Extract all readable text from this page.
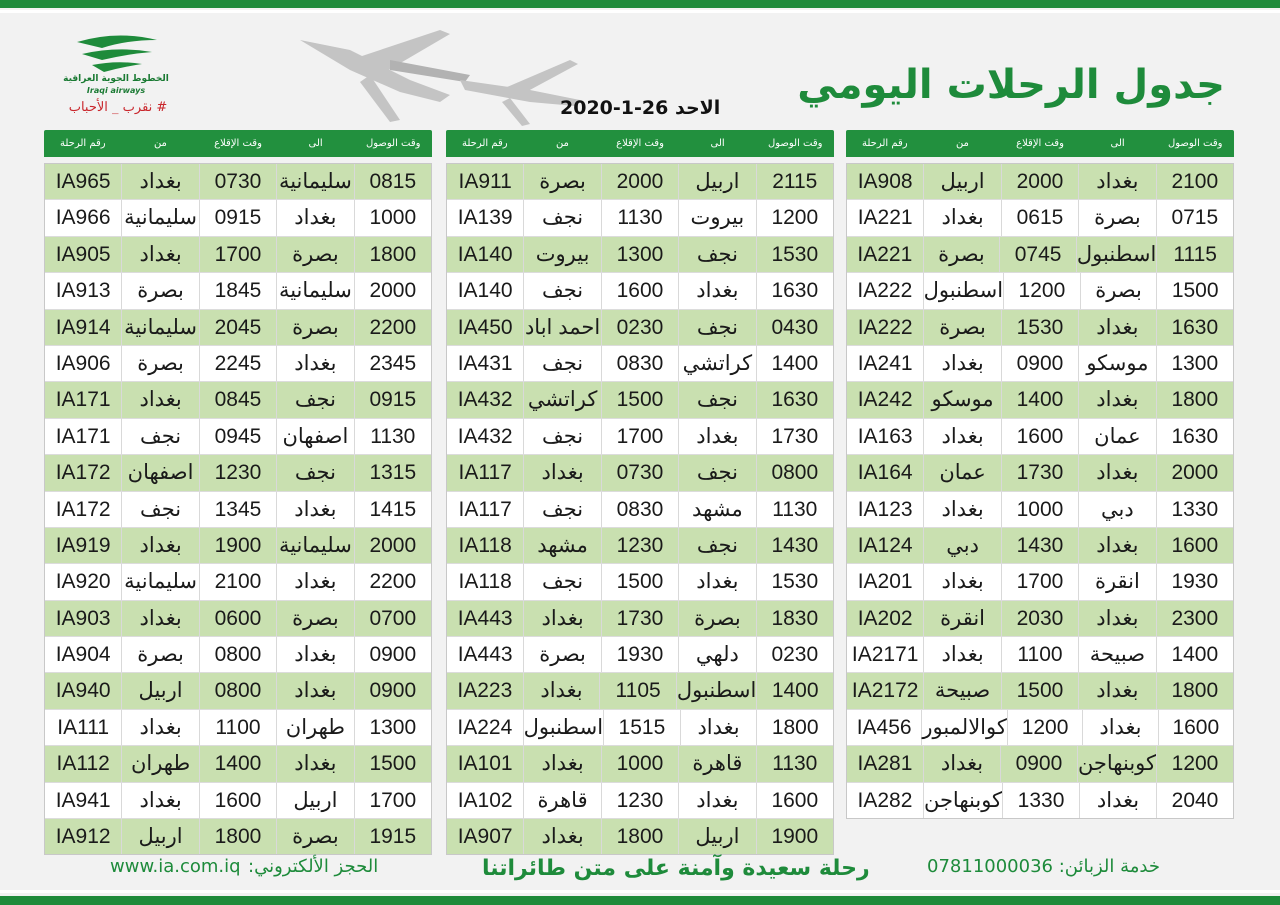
الخطوط الجوية العراقية
Iraqi airways
# نقرب _ الأحباب	جدول الرحلات اليومي
الاحد 26-1-2020
وقت الوصول
الى
وقت الإقلاع
من
رقم الرحلة
2100
بغداد
2000
اربيل
IA908
0715
بصرة
0615
بغداد
IA221
1115
اسطنبول
0745
بصرة
IA221
1500
بصرة
1200
اسطنبول
IA222
1630
بغداد
1530
بصرة
IA222
1300
موسكو
0900
بغداد
IA241
1800
بغداد
1400
موسكو
IA242
1630
عمان
1600
بغداد
IA163
2000
بغداد
1730
عمان
IA164
1330
دبي
1000
بغداد
IA123
1600
بغداد
1430
دبي
IA124
1930
انقرة
1700
بغداد
IA201
2300
بغداد
2030
انقرة
IA202
1400
صبيحة
1100
بغداد
IA2171
1800
بغداد
1500
صبيحة
IA2172
1600
بغداد
1200
كوالالمبور
IA456
1200
كوبنهاجن
0900
بغداد
IA281
2040
بغداد
1330
كوبنهاجن
IA282
وقت الوصول
الى
وقت الإقلاع
من
رقم الرحلة
2115
اربيل
2000
بصرة
IA911
1200
بيروت
1130
نجف
IA139
1530
نجف
1300
بيروت
IA140
1630
بغداد
1600
نجف
IA140
0430
نجف
0230
احمد اباد
IA450
1400
كراتشي
0830
نجف
IA431
1630
نجف
1500
كراتشي
IA432
1730
بغداد
1700
نجف
IA432
0800
نجف
0730
بغداد
IA117
1130
مشهد
0830
نجف
IA117
1430
نجف
1230
مشهد
IA118
1530
بغداد
1500
نجف
IA118
1830
بصرة
1730
بغداد
IA443
0230
دلهي
1930
بصرة
IA443
1400
اسطنبول
1105
بغداد
IA223
1800
بغداد
1515
اسطنبول
IA224
1130
قاهرة
1000
بغداد
IA101
1600
بغداد
1230
قاهرة
IA102
1900
اربيل
1800
بغداد
IA907
وقت الوصول
الى
وقت الإقلاع
من
رقم الرحلة
0815
سليمانية
0730
بغداد
IA965
1000
بغداد
0915
سليمانية
IA966
1800
بصرة
1700
بغداد
IA905
2000
سليمانية
1845
بصرة
IA913
2200
بصرة
2045
سليمانية
IA914
2345
بغداد
2245
بصرة
IA906
0915
نجف
0845
بغداد
IA171
1130
اصفهان
0945
نجف
IA171
1315
نجف
1230
اصفهان
IA172
1415
بغداد
1345
نجف
IA172
2000
سليمانية
1900
بغداد
IA919
2200
بغداد
2100
سليمانية
IA920
0700
بصرة
0600
بغداد
IA903
0900
بغداد
0800
بصرة
IA904
0900
بغداد
0800
اربيل
IA940
1300
طهران
1100
بغداد
IA111
1500
بغداد
1400
طهران
IA112
1700
اربيل
1600
بغداد
IA941
1915
بصرة
1800
اربيل
IA912
خدمة الزبائن: 07811000036
رحلة سعيدة وآمنة على متن طائراتنا
الحجز الألكتروني:
www.ia.com.iq
